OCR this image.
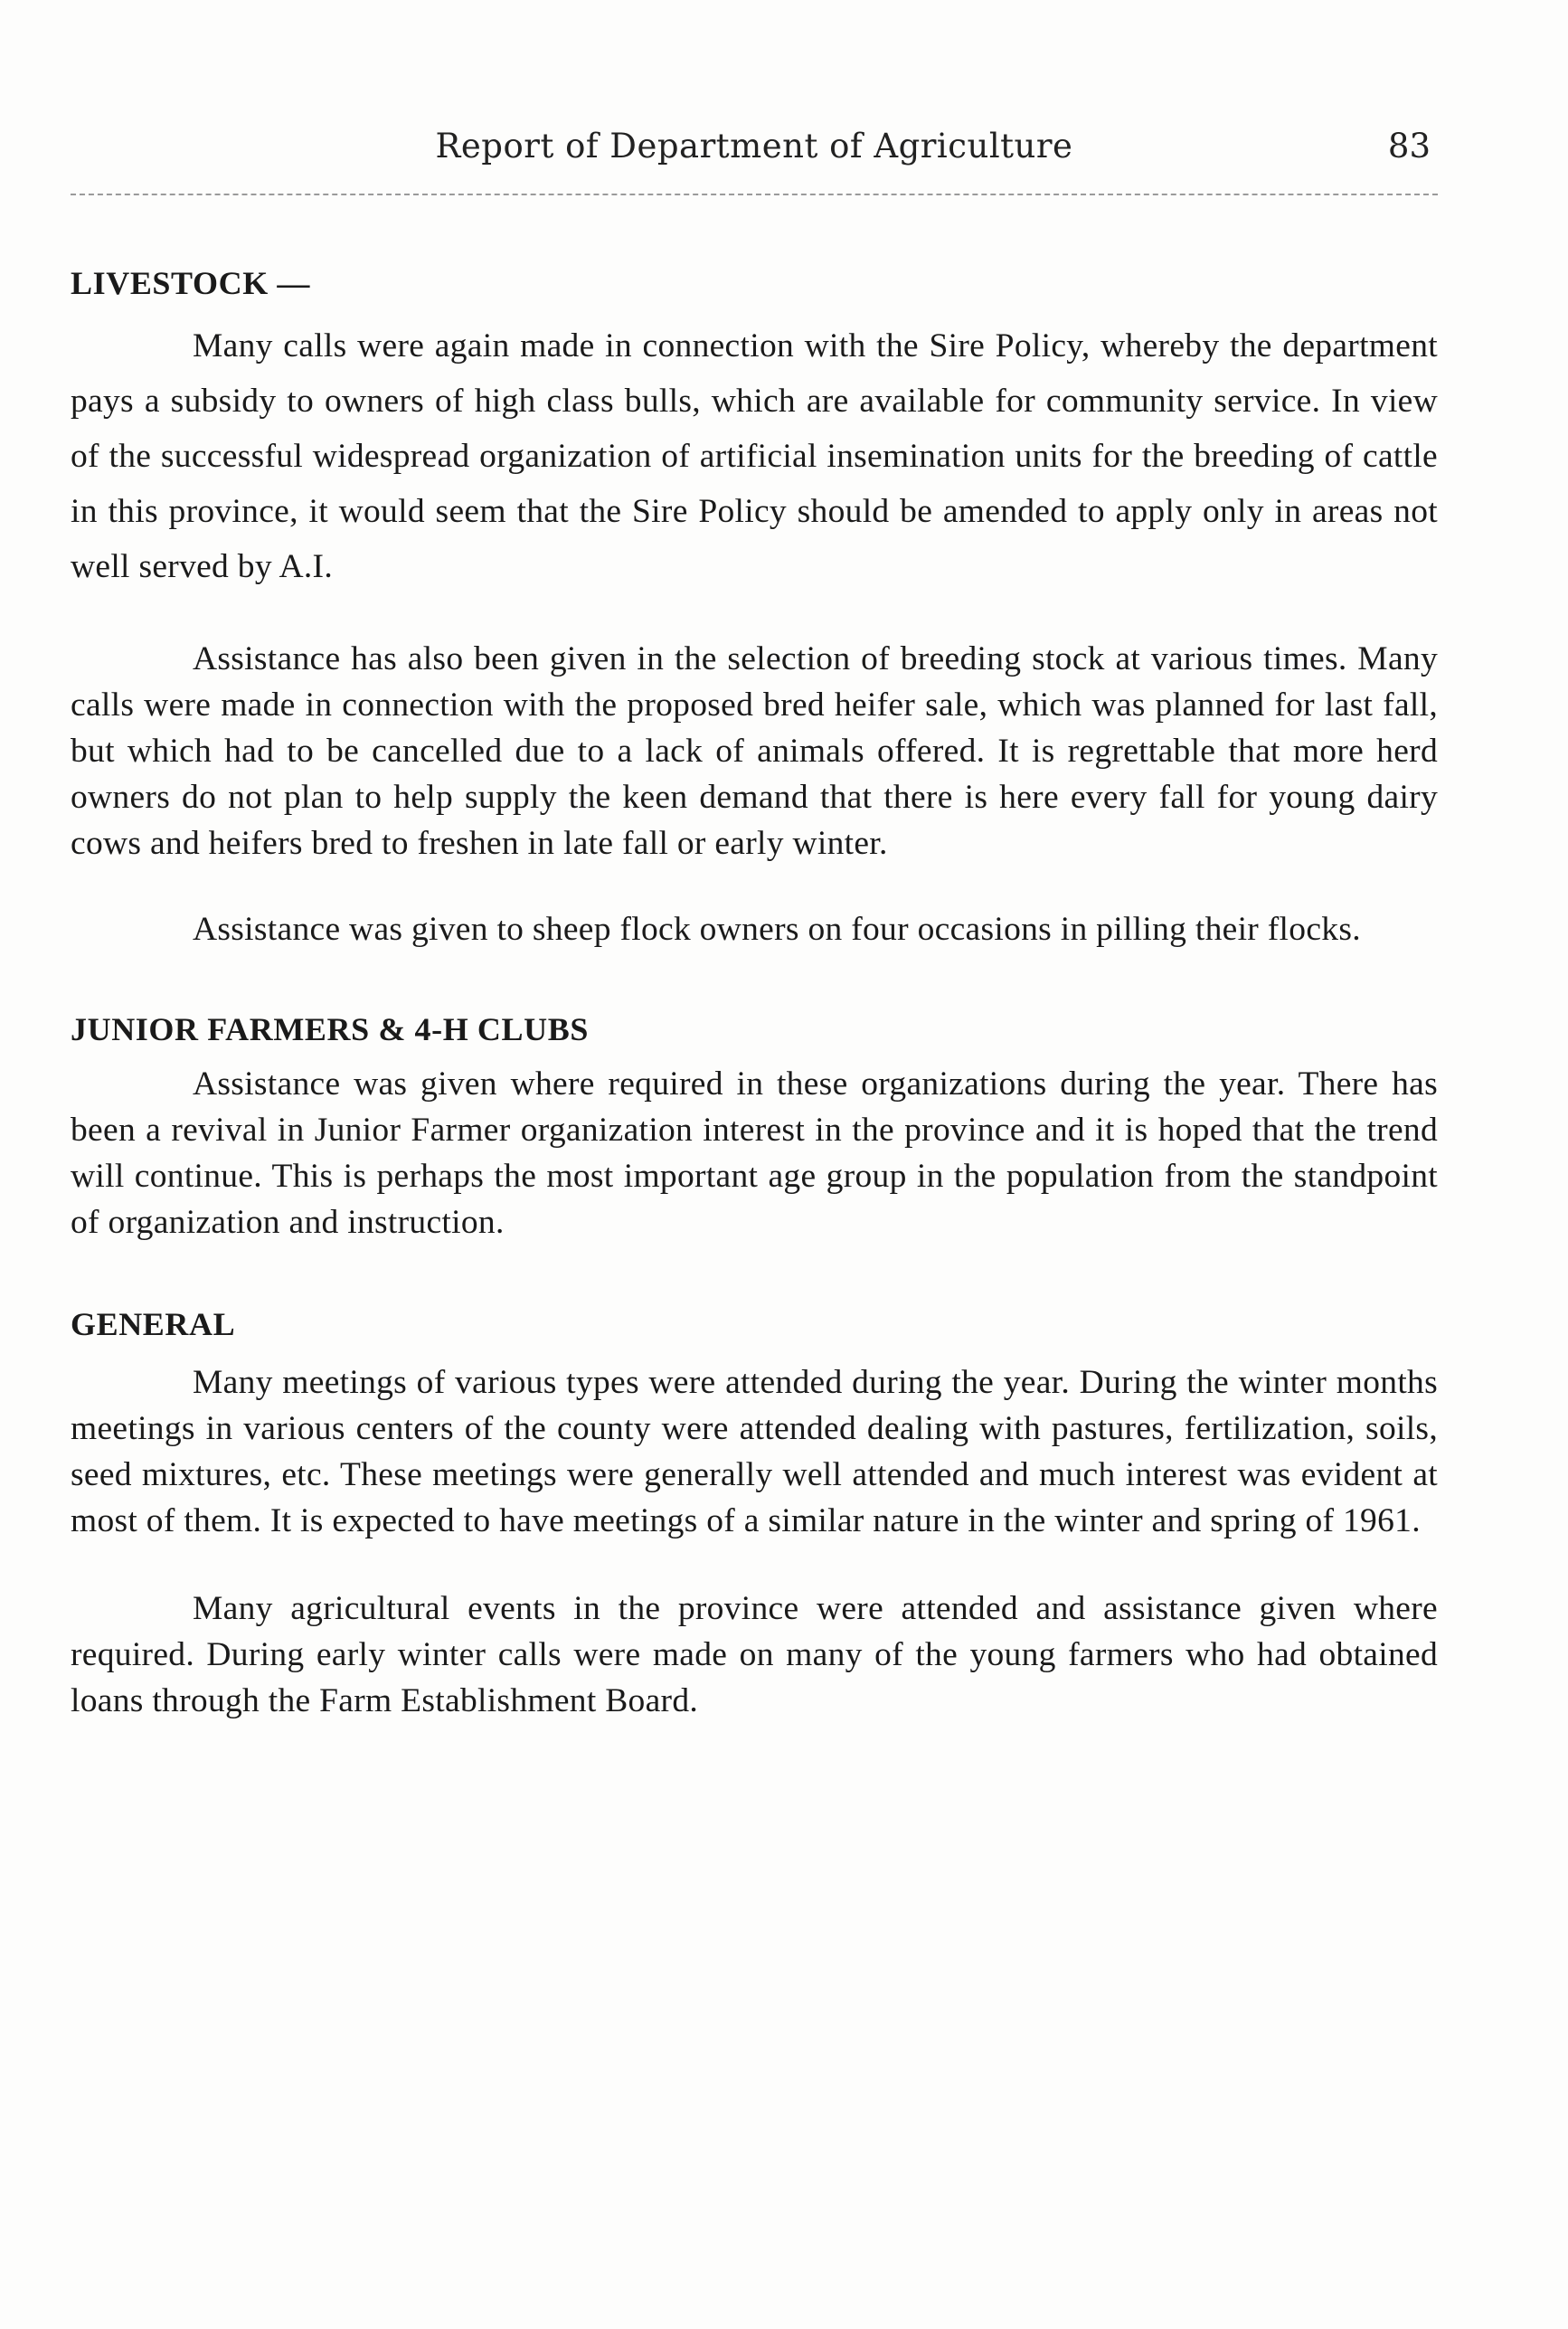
Report of Department of Agriculture	83
LIVESTOCK —

Many calls were again made in connection with the Sire Policy, whereby the department pays a subsidy to owners of high class bulls, which are available for community service. In view of the successful widespread organization of artificial insemination units for the breeding of cattle in this province, it would seem that the Sire Policy should be amended to apply only in areas not well served by A.I.

Assistance has also been given in the selection of breeding stock at various times. Many calls were made in connection with the proposed bred heifer sale, which was planned for last fall, but which had to be cancelled due to a lack of animals offered. It is regrettable that more herd owners do not plan to help supply the keen demand that there is here every fall for young dairy cows and heifers bred to freshen in late fall or early winter.

Assistance was given to sheep flock owners on four occasions in pilling their flocks.

JUNIOR FARMERS & 4-H CLUBS

Assistance was given where required in these organizations during the year. There has been a revival in Junior Farmer organization interest in the province and it is hoped that the trend will continue. This is perhaps the most important age group in the population from the standpoint of organization and instruction.

GENERAL

Many meetings of various types were attended during the year. During the winter months meetings in various centers of the county were attended dealing with pastures, fertilization, soils, seed mixtures, etc. These meetings were generally well attended and much interest was evident at most of them. It is expected to have meetings of a similar nature in the winter and spring of 1961.

Many agricultural events in the province were attended and assistance given where required. During early winter calls were made on many of the young farmers who had obtained loans through the Farm Establishment Board.
